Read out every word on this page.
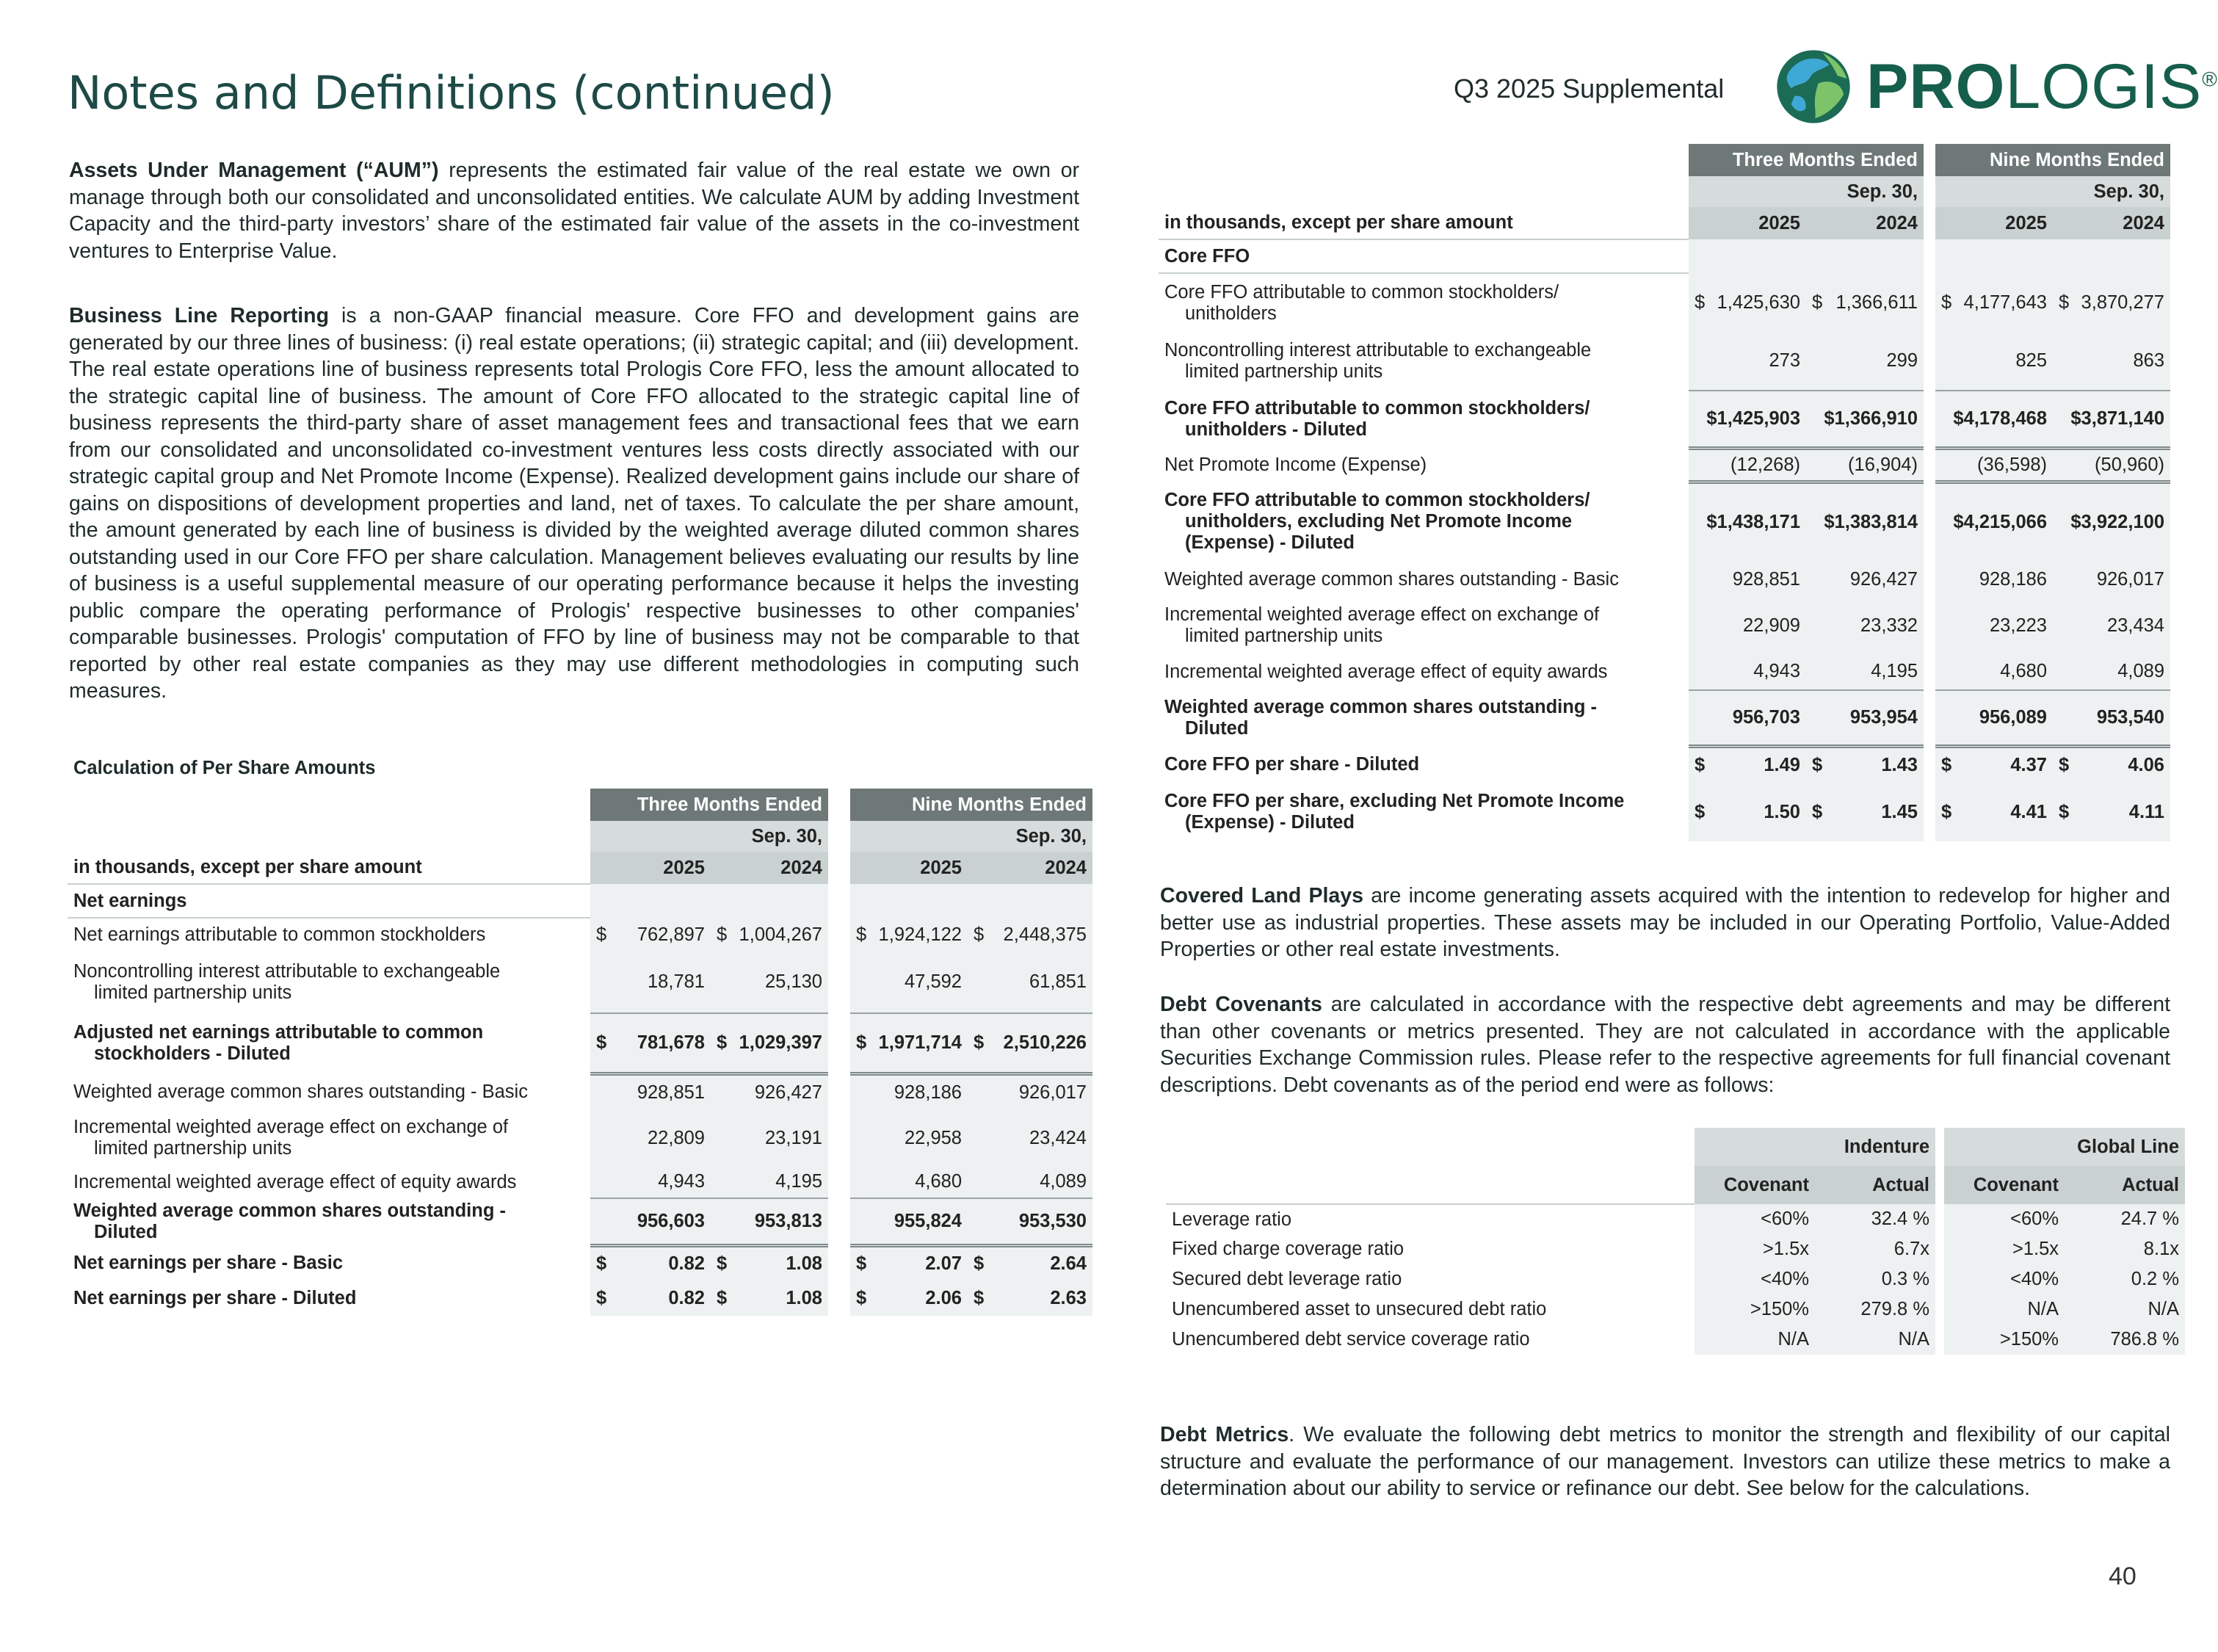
Notes and Definitions (continued)	Q3 2025 Supplemental PROLOGIS®
Assets Under Management (“AUM”) represents the estimated fair value of the real estate we own or manage through both our consolidated and unconsolidated entities. We calculate AUM by adding Investment Capacity and the third-party investors’ share of the estimated fair value of the assets in the co-investment ventures to Enterprise Value.
Business Line Reporting is a non-GAAP financial measure. Core FFO and development gains are generated by our three lines of business: (i) real estate operations; (ii) strategic capital; and (iii) development. The real estate operations line of business represents total Prologis Core FFO, less the amount allocated to the strategic capital line of business. The amount of Core FFO allocated to the strategic capital line of business represents the third-party share of asset management fees and transactional fees that we earn from our consolidated and unconsolidated co-investment ventures less costs directly associated with our strategic capital group and Net Promote Income (Expense). Realized development gains include our share of gains on dispositions of development properties and land, net of taxes. To calculate the per share amount, the amount generated by each line of business is divided by the weighted average diluted common shares outstanding used in our Core FFO per share calculation. Management believes evaluating our results by line of business is a useful supplemental measure of our operating performance because it helps the investing public compare the operating performance of Prologis' respective businesses to other companies' comparable businesses. Prologis' computation of FFO by line of business may not be comparable to that reported by other real estate companies as they may use different methodologies in computing such measures.
Calculation of Per Share Amounts
	Three Months Ended			Nine Months Ended	
		Sep. 30,			Sep. 30,
in thousands, except per share amount	2025	2024		2025	2024
Net earnings					
Net earnings attributable to common stockholders	$ 762,897	$ 1,004,267		$ 1,924,122	$ 2,448,375
Noncontrolling interest attributable to exchangeable
limited partnership units	18,781	25,130		47,592	61,851
Adjusted net earnings attributable to common
stockholders - Diluted	$ 781,678	$ 1,029,397		$ 1,971,714	$ 2,510,226
Weighted average common shares outstanding - Basic	928,851	926,427		928,186	926,017
Incremental weighted average effect on exchange of
limited partnership units	22,809	23,191		22,958	23,424
Incremental weighted average effect of equity awards	4,943	4,195		4,680	4,089
Weighted average common shares outstanding -
Diluted	956,603	953,813		955,824	953,530
Net earnings per share - Basic	$ 0.82	$ 1.08		$ 2.07	$ 2.64
Net earnings per share - Diluted	$ 0.82	$ 1.08		$ 2.06	$ 2.63
	Three Months Ended			Nine Months Ended	
		Sep. 30,			Sep. 30,
in thousands, except per share amount	2025	2024		2025	2024
Core FFO					
Core FFO attributable to common stockholders/
unitholders	$ 1,425,630	$ 1,366,611		$ 4,177,643	$ 3,870,277
Noncontrolling interest attributable to exchangeable
limited partnership units	273	299		825	863
Core FFO attributable to common stockholders/
unitholders - Diluted	$1,425,903	$1,366,910		$4,178,468	$3,871,140
Net Promote Income (Expense)	(12,268)	(16,904)		(36,598)	(50,960)
Core FFO attributable to common stockholders/
unitholders, excluding Net Promote Income
(Expense) - Diluted	$1,438,171	$1,383,814		$4,215,066	$3,922,100
Weighted average common shares outstanding - Basic	928,851	926,427		928,186	926,017
Incremental weighted average effect on exchange of
limited partnership units	22,909	23,332		23,223	23,434
Incremental weighted average effect of equity awards	4,943	4,195		4,680	4,089
Weighted average common shares outstanding -
Diluted	956,703	953,954		956,089	953,540
Core FFO per share - Diluted	$ 1.49	$ 1.43		$ 4.37	$ 4.06
Core FFO per share, excluding Net Promote Income
(Expense) - Diluted	$ 1.50	$ 1.45		$ 4.41	$ 4.11
Covered Land Plays are income generating assets acquired with the intention to redevelop for higher and better use as industrial properties. These assets may be included in our Operating Portfolio, Value-Added Properties or other real estate investments.
Debt Covenants are calculated in accordance with the respective debt agreements and may be different than other covenants or metrics presented. They are not calculated in accordance with the applicable Securities Exchange Commission rules. Please refer to the respective agreements for full financial covenant descriptions. Debt covenants as of the period end were as follows:
		Indenture			Global Line
	Covenant	Actual		Covenant	Actual
Leverage ratio	<60%	32.4 %		<60%	24.7 %
Fixed charge coverage ratio	>1.5x	6.7x		>1.5x	8.1x
Secured debt leverage ratio	<40%	0.3 %		<40%	0.2 %
Unencumbered asset to unsecured debt ratio	>150%	279.8 %		N/A	N/A
Unencumbered debt service coverage ratio	N/A	N/A		>150%	786.8 %
Debt Metrics. We evaluate the following debt metrics to monitor the strength and flexibility of our capital structure and evaluate the performance of our management. Investors can utilize these metrics to make a determination about our ability to service or refinance our debt. See below for the calculations.
40
